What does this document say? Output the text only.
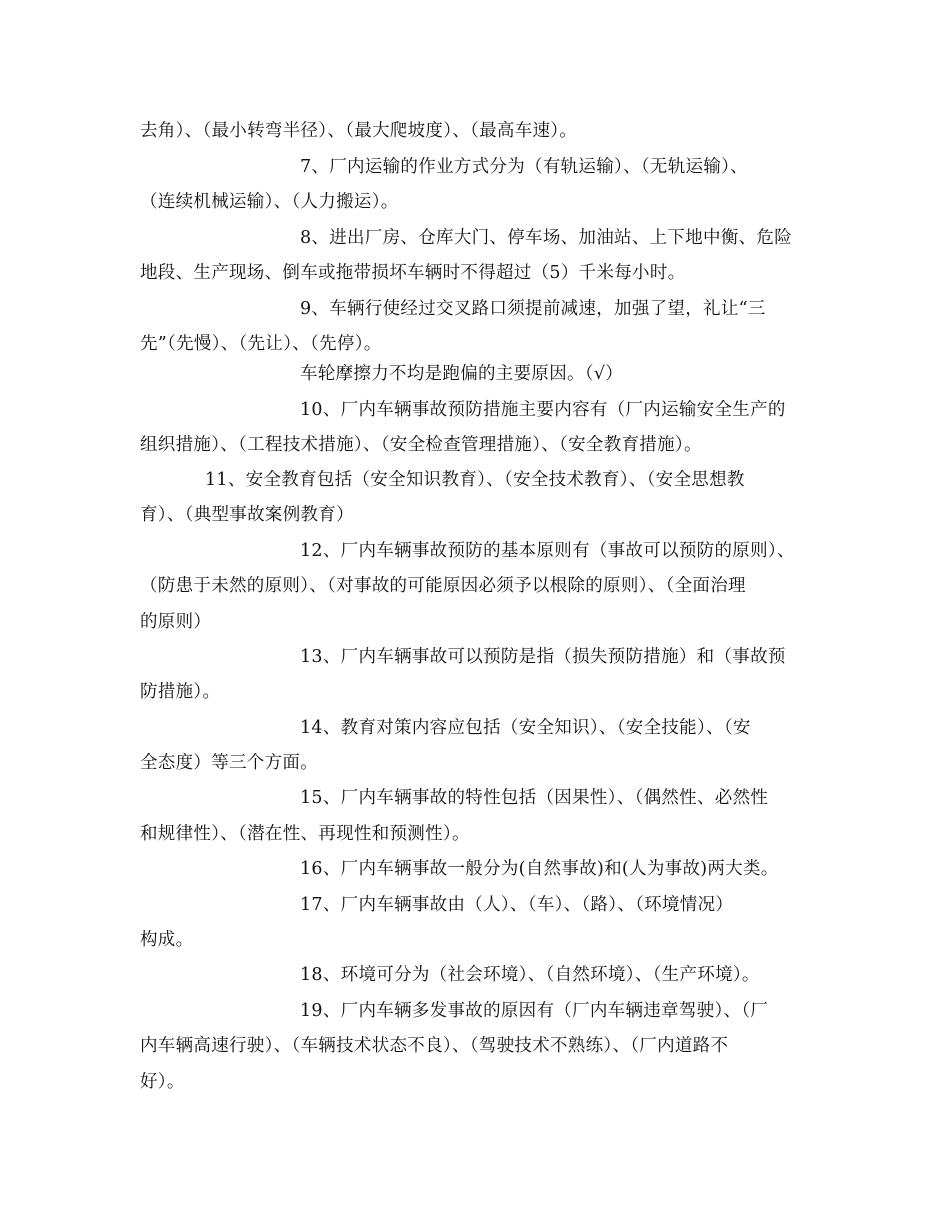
去角）、（最小转弯半径）、（最大爬坡度）、（最高车速）。
7、厂内运输的作业方式分为（有轨运输）、（无轨运输）、
（连续机械运输）、（人力搬运）。
8、进出厂房、仓库大门、停车场、加油站、上下地中衡、危险
地段、生产现场、倒车或拖带损坏车辆时不得超过（5）千米每小时。
9、车辆行使经过交叉路口须提前减速，加强了望，礼让“三
先”（先慢）、（先让）、（先停）。
车轮摩擦力不均是跑偏的主要原因。（√）
10、厂内车辆事故预防措施主要内容有（厂内运输安全生产的
组织措施）、（工程技术措施）、（安全检查管理措施）、（安全教育措施）。
11、安全教育包括（安全知识教育）、（安全技术教育）、（安全思想教
育）、（典型事故案例教育）
12、厂内车辆事故预防的基本原则有（事故可以预防的原则）、
（防患于未然的原则）、（对事故的可能原因必须予以根除的原则）、（全面治理
的原则）
13、厂内车辆事故可以预防是指（损失预防措施）和（事故预
防措施）。
14、教育对策内容应包括（安全知识）、（安全技能）、（安
全态度）等三个方面。
15、厂内车辆事故的特性包括（因果性）、（偶然性、必然性
和规律性）、（潜在性、再现性和预测性）。
16、厂内车辆事故一般分为(自然事故)和(人为事故)两大类。
17、厂内车辆事故由（人）、（车）、（路）、（环境情况）
构成。
18、环境可分为（社会环境）、（自然环境）、（生产环境）。
19、厂内车辆多发事故的原因有（厂内车辆违章驾驶）、（厂
内车辆高速行驶）、（车辆技术状态不良）、（驾驶技术不熟练）、（厂内道路不
好）。
